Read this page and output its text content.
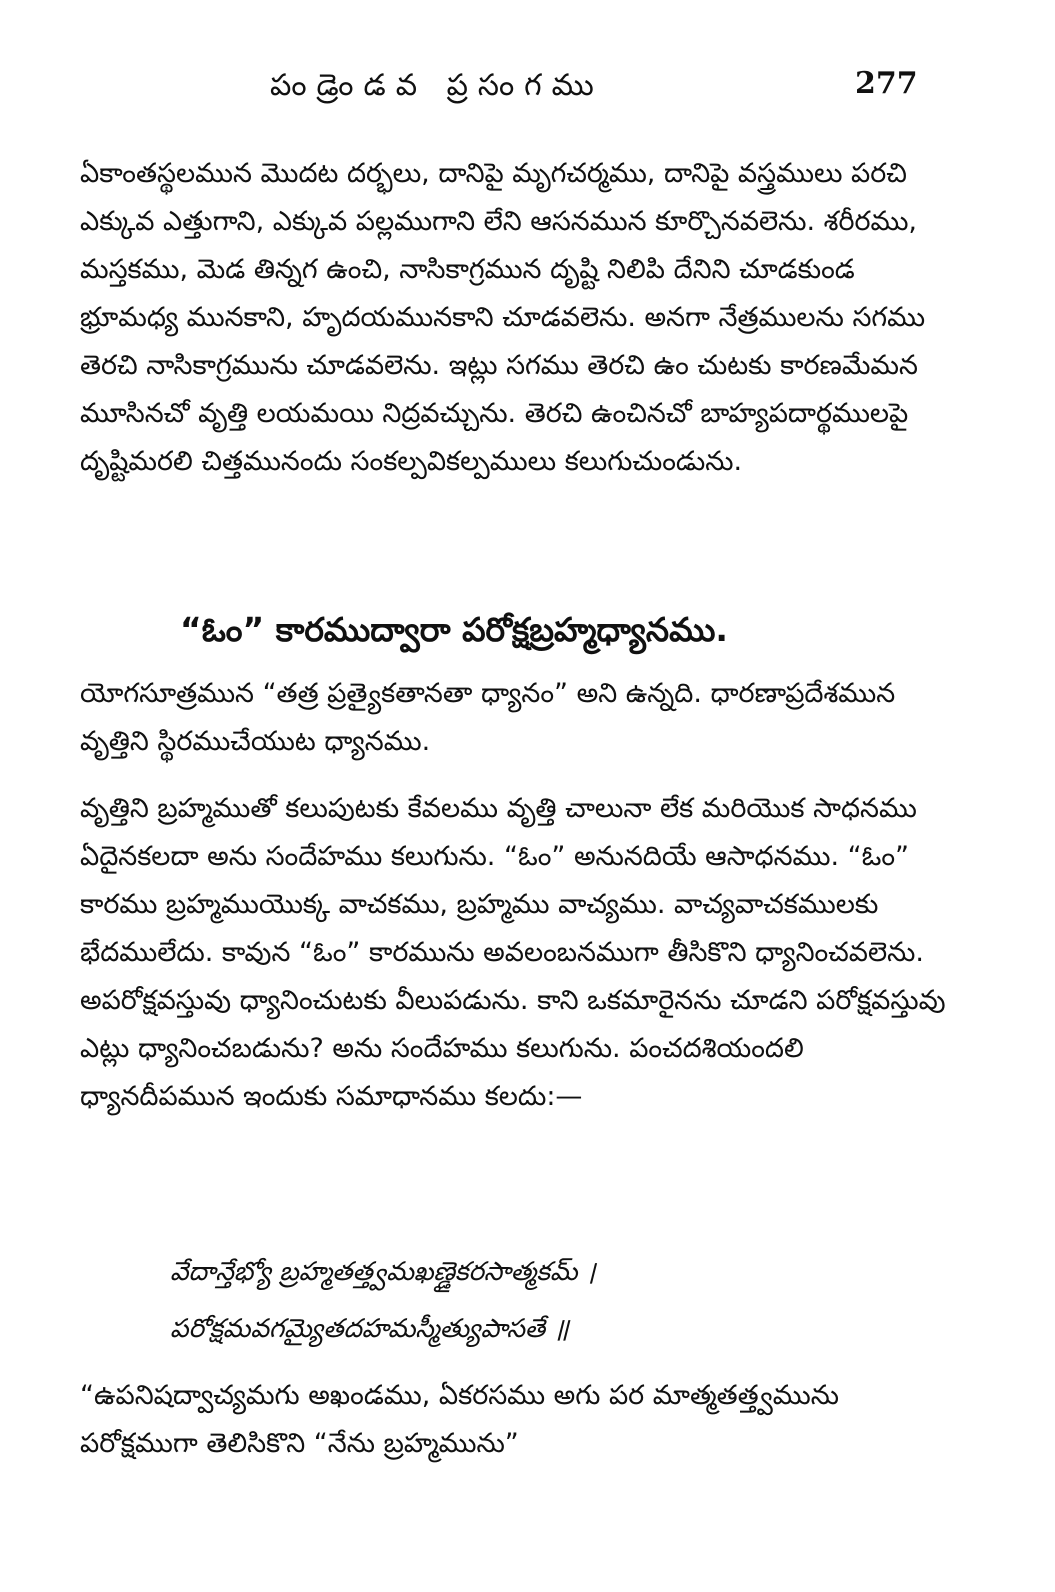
పండ్రెండవ ప్రసంగము	277
ఏకాంతస్థలమున మొదట దర్భలు, దానిపై మృగచర్మము, దానిపై వస్త్రములు పరచి ఎక్కువ ఎత్తుగాని, ఎక్కువ పల్లముగాని లేని ఆసనమున కూర్చొనవలెను. శరీరము, మస్తకము, మెడ తిన్నగ ఉంచి, నాసికాగ్రమున దృష్టి నిలిపి దేనిని చూడకుండ భ్రూమధ్య మునకాని, హృదయమునకాని చూడవలెను. అనగా నేత్రములను సగము తెరచి నాసికాగ్రమును చూడవలెను. ఇట్లు సగము తెరచి ఉం చుటకు కారణమేమన మూసినచో వృత్తి లయమయి నిద్రవచ్చును. తెరచి ఉంచినచో బాహ్యపదార్థములపై దృష్టిమరలి చిత్తమునందు సంకల్పవికల్పములు కలుగుచుండును.
“ఓం” కారముద్వారా పరోక్షబ్రహ్మధ్యానము.
యోగసూత్రమున “తత్ర ప్రత్యైకతానతా ధ్యానం” అని ఉన్నది. ధారణాప్రదేశమున వృత్తిని స్థిరముచేయుట ధ్యానము.
వృత్తిని బ్రహ్మముతో కలుపుటకు కేవలము వృత్తి చాలునా లేక మరియొక సాధనము ఏదైనకలదా అను సందేహము కలుగును. “ఓం” అనునదియే ఆసాధనము. “ఓం” కారము బ్రహ్మముయొక్క వాచకము, బ్రహ్మము వాచ్యము. వాచ్యవాచకములకు భేదములేదు. కావున “ఓం” కారమును అవలంబనముగా తీసికొని ధ్యానించవలెను. అపరోక్షవస్తువు ధ్యానించుటకు వీలుపడును. కాని ఒకమారైనను చూడని పరోక్షవస్తువు ఎట్లు ధ్యానించబడును? అను సందేహము కలుగును. పంచదశియందలి ధ్యానదీపమున ఇందుకు సమాధానము కలదు:—
వేదాన్తేభ్యో బ్రహ్మతత్త్వమఖణ్డైకరసాత్మకమ్ ।
పరోక్షమవగమ్యైతదహమస్మీత్యుపాసతే ॥
“ఉపనిషద్వాచ్యమగు అఖండము, ఏకరసము అగు పర మాత్మతత్త్వమును పరోక్షముగా తెలిసికొని “నేను బ్రహ్మమును”
